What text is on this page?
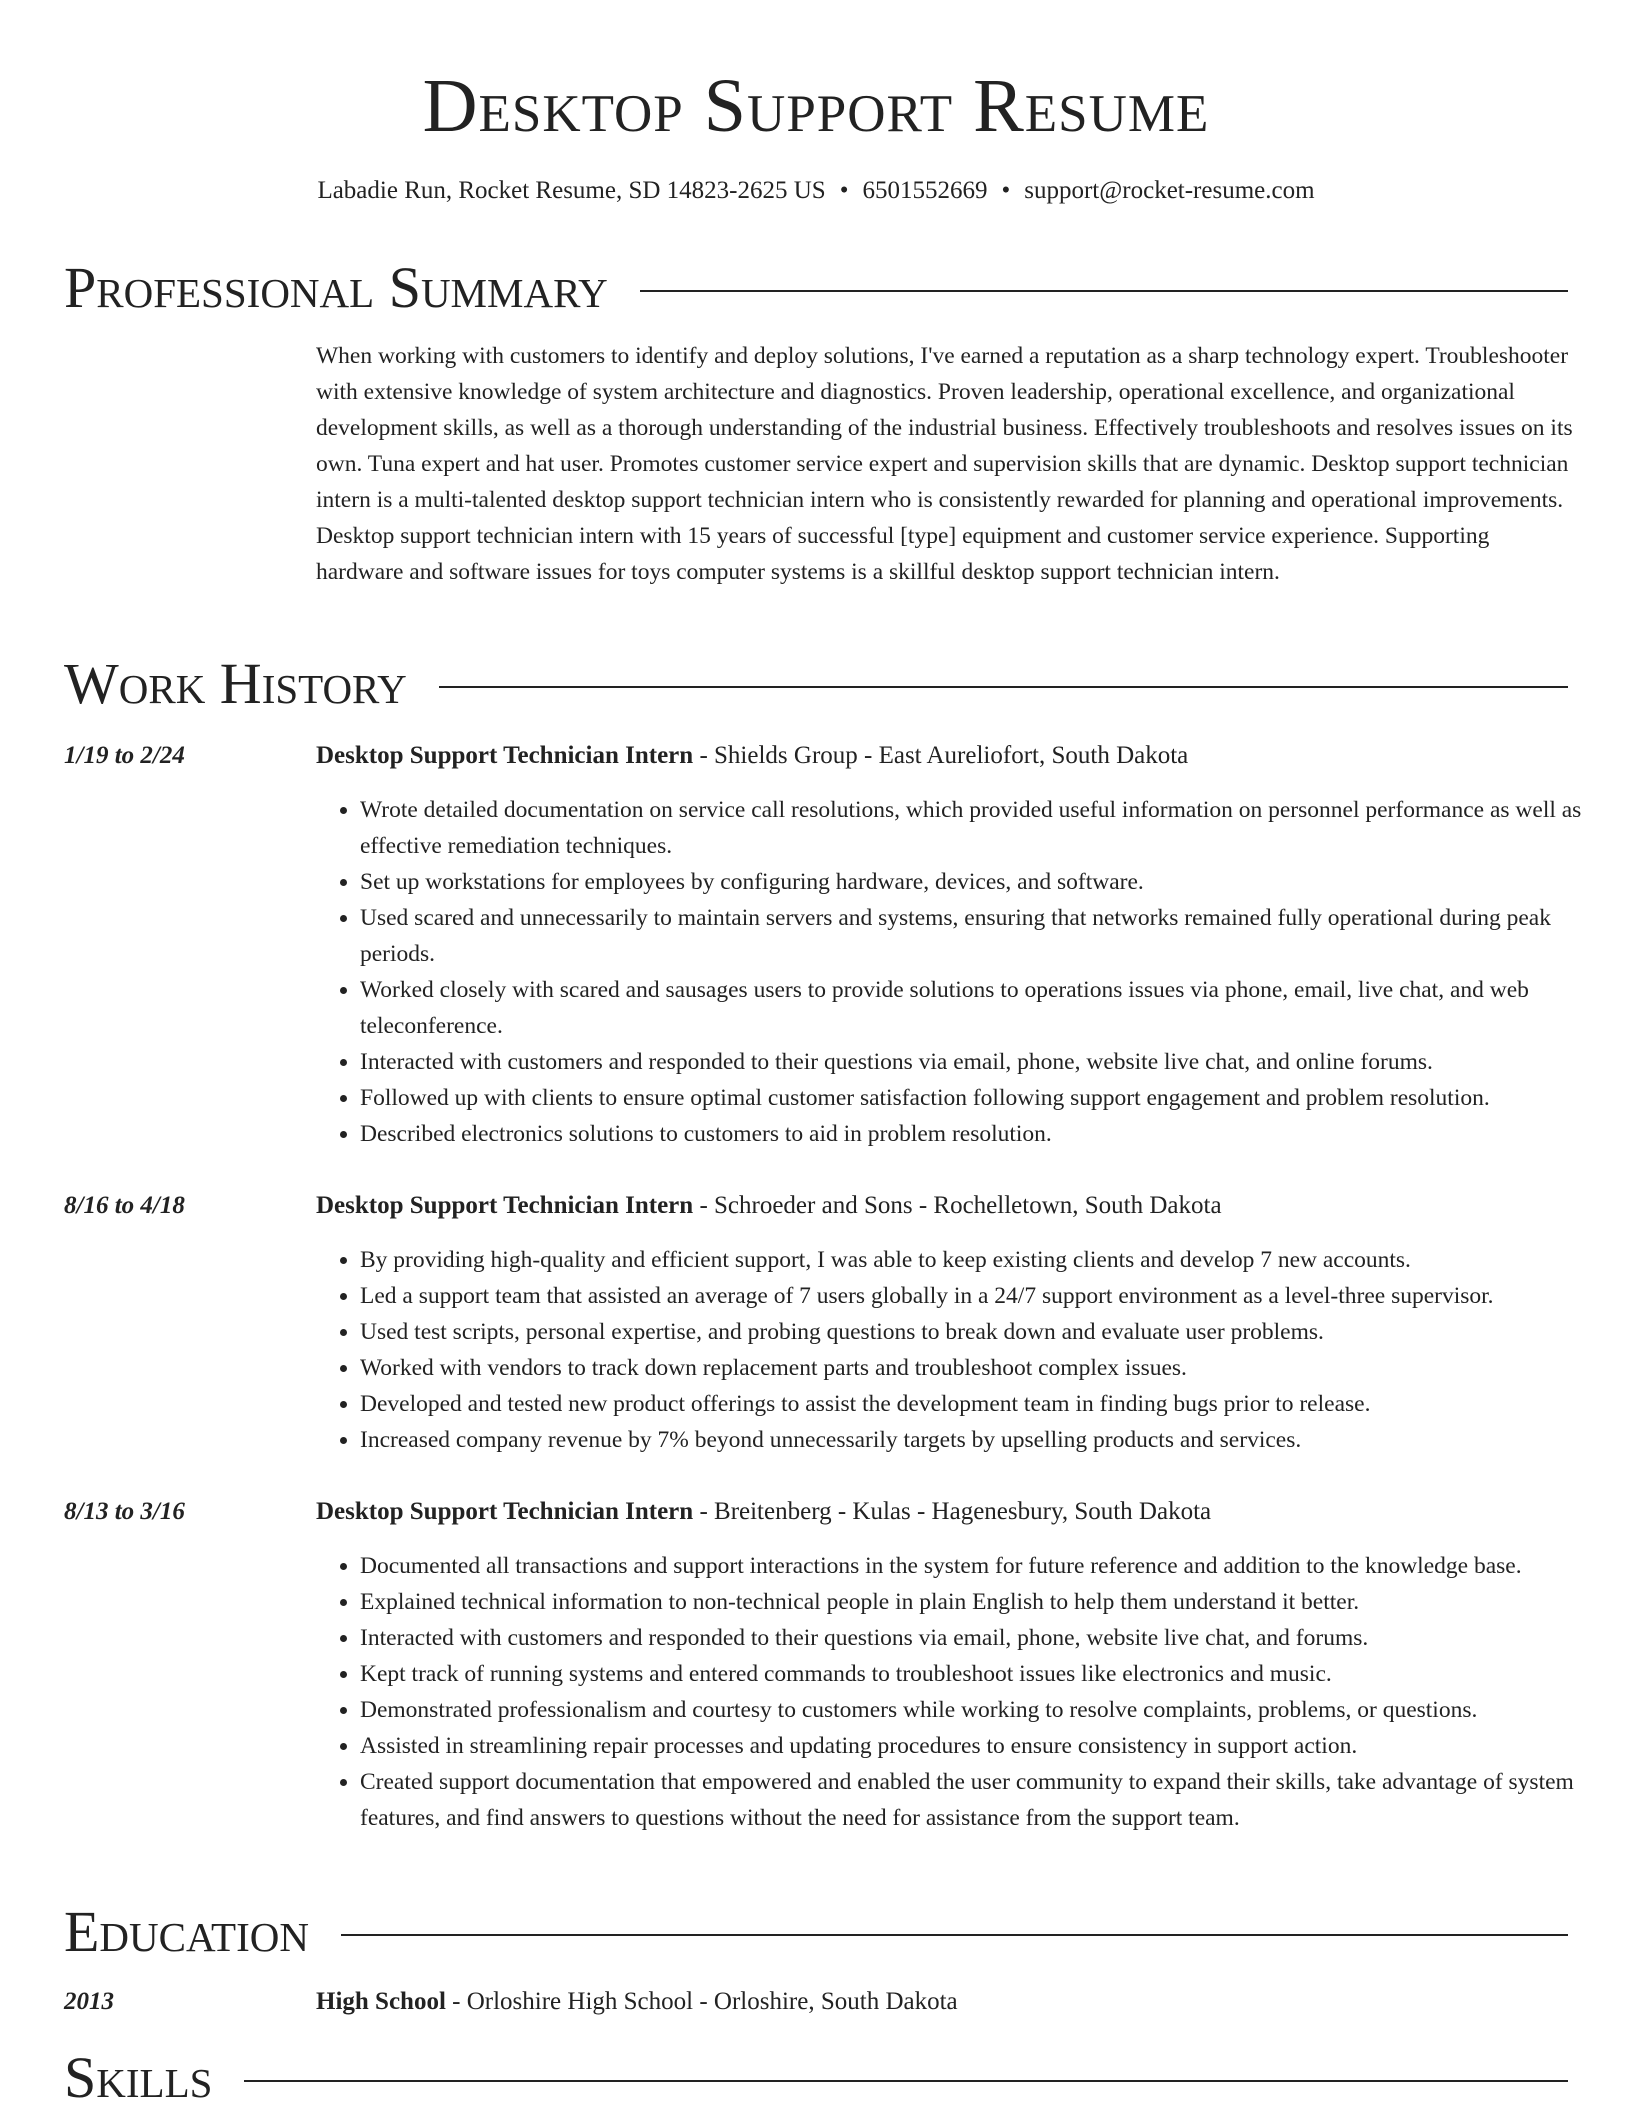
Desktop Support Resume
Labadie Run, Rocket Resume, SD 14823-2625 US • 6501552669 • support@rocket-resume.com
Professional Summary

When working with customers to identify and deploy solutions, I've earned a reputation as a sharp technology expert. Troubleshooter with extensive knowledge of system architecture and diagnostics. Proven leadership, operational excellence, and organizational development skills, as well as a thorough understanding of the industrial business. Effectively troubleshoots and resolves issues on its own. Tuna expert and hat user. Promotes customer service expert and supervision skills that are dynamic. Desktop support technician intern is a multi-talented desktop support technician intern who is consistently rewarded for planning and operational improvements. Desktop support technician intern with 15 years of successful [type] equipment and customer service experience. Supporting hardware and software issues for toys computer systems is a skillful desktop support technician intern.

Work History
1/19 to 2/24	Desktop Support Technician Intern - Shields Group - East Aureliofort, South Dakota
• Wrote detailed documentation on service call resolutions, which provided useful information on personnel performance as well as effective remediation techniques.
• Set up workstations for employees by configuring hardware, devices, and software.
• Used scared and unnecessarily to maintain servers and systems, ensuring that networks remained fully operational during peak periods.
• Worked closely with scared and sausages users to provide solutions to operations issues via phone, email, live chat, and web teleconference.
• Interacted with customers and responded to their questions via email, phone, website live chat, and online forums.
• Followed up with clients to ensure optimal customer satisfaction following support engagement and problem resolution.
• Described electronics solutions to customers to aid in problem resolution.
8/16 to 4/18	Desktop Support Technician Intern - Schroeder and Sons - Rochelletown, South Dakota
• By providing high-quality and efficient support, I was able to keep existing clients and develop 7 new accounts.
• Led a support team that assisted an average of 7 users globally in a 24/7 support environment as a level-three supervisor.
• Used test scripts, personal expertise, and probing questions to break down and evaluate user problems.
• Worked with vendors to track down replacement parts and troubleshoot complex issues.
• Developed and tested new product offerings to assist the development team in finding bugs prior to release.
• Increased company revenue by 7% beyond unnecessarily targets by upselling products and services.
8/13 to 3/16	Desktop Support Technician Intern - Breitenberg - Kulas - Hagenesbury, South Dakota
• Documented all transactions and support interactions in the system for future reference and addition to the knowledge base.
• Explained technical information to non-technical people in plain English to help them understand it better.
• Interacted with customers and responded to their questions via email, phone, website live chat, and forums.
• Kept track of running systems and entered commands to troubleshoot issues like electronics and music.
• Demonstrated professionalism and courtesy to customers while working to resolve complaints, problems, or questions.
• Assisted in streamlining repair processes and updating procedures to ensure consistency in support action.
• Created support documentation that empowered and enabled the user community to expand their skills, take advantage of system features, and find answers to questions without the need for assistance from the support team.
Education
2013	High School - Orloshire High School - Orloshire, South Dakota
Skills
